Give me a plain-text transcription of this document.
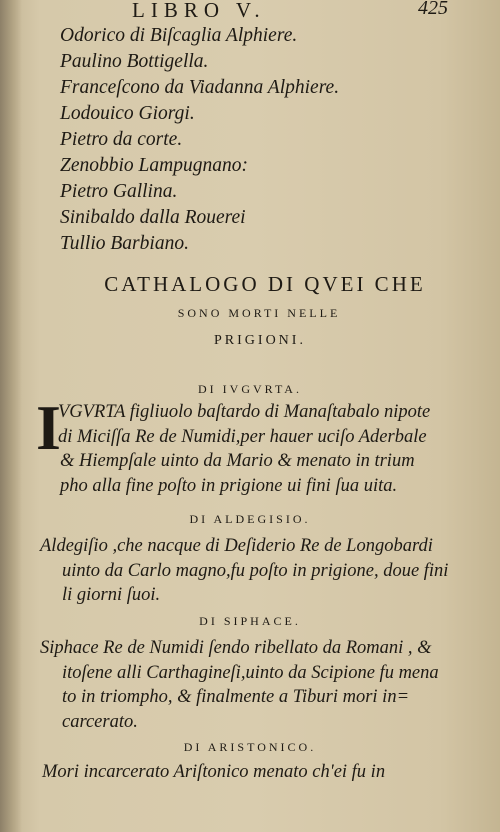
LIBRO V.	425
Odorico di Biſcaglia Alphiere.
Paulino Bottigella.
Franceſcono da Viadanna Alphiere.
Lodouico Giorgi.
Pietro da corte.
Zenobbio Lampugnano:
Pietro Gallina.
Sinibaldo dalla Rouerei
Tullio Barbiano.
CATHALOGO DI QVEI CHE
SONO MORTI NELLE
PRIGIONI.
DI IVGVRTA.
I
VGVRTA figliuolo baſtardo di Manaſtabalo nipote
di Miciſſa Re de Numidi,per hauer uciſo Aderbale
& Hiempſale uinto da Mario & menato in trium
pho alla fine poſto in prigione ui fini ſua uita.
DI ALDEGISIO.
Aldegiſio ,che nacque di Deſiderio Re de Longobardi
uinto da Carlo magno,fu poſto in prigione, doue fini
li giorni ſuoi.
DI SIPHACE.
Siphace Re de Numidi ſendo ribellato da Romani , &
itoſene alli Carthagineſi,uinto da Scipione fu mena
to in triompho, & finalmente a Tiburi mori in=
carcerato.
DI ARISTONICO.
Mori incarcerato Ariſtonico menato ch'ei fu in
